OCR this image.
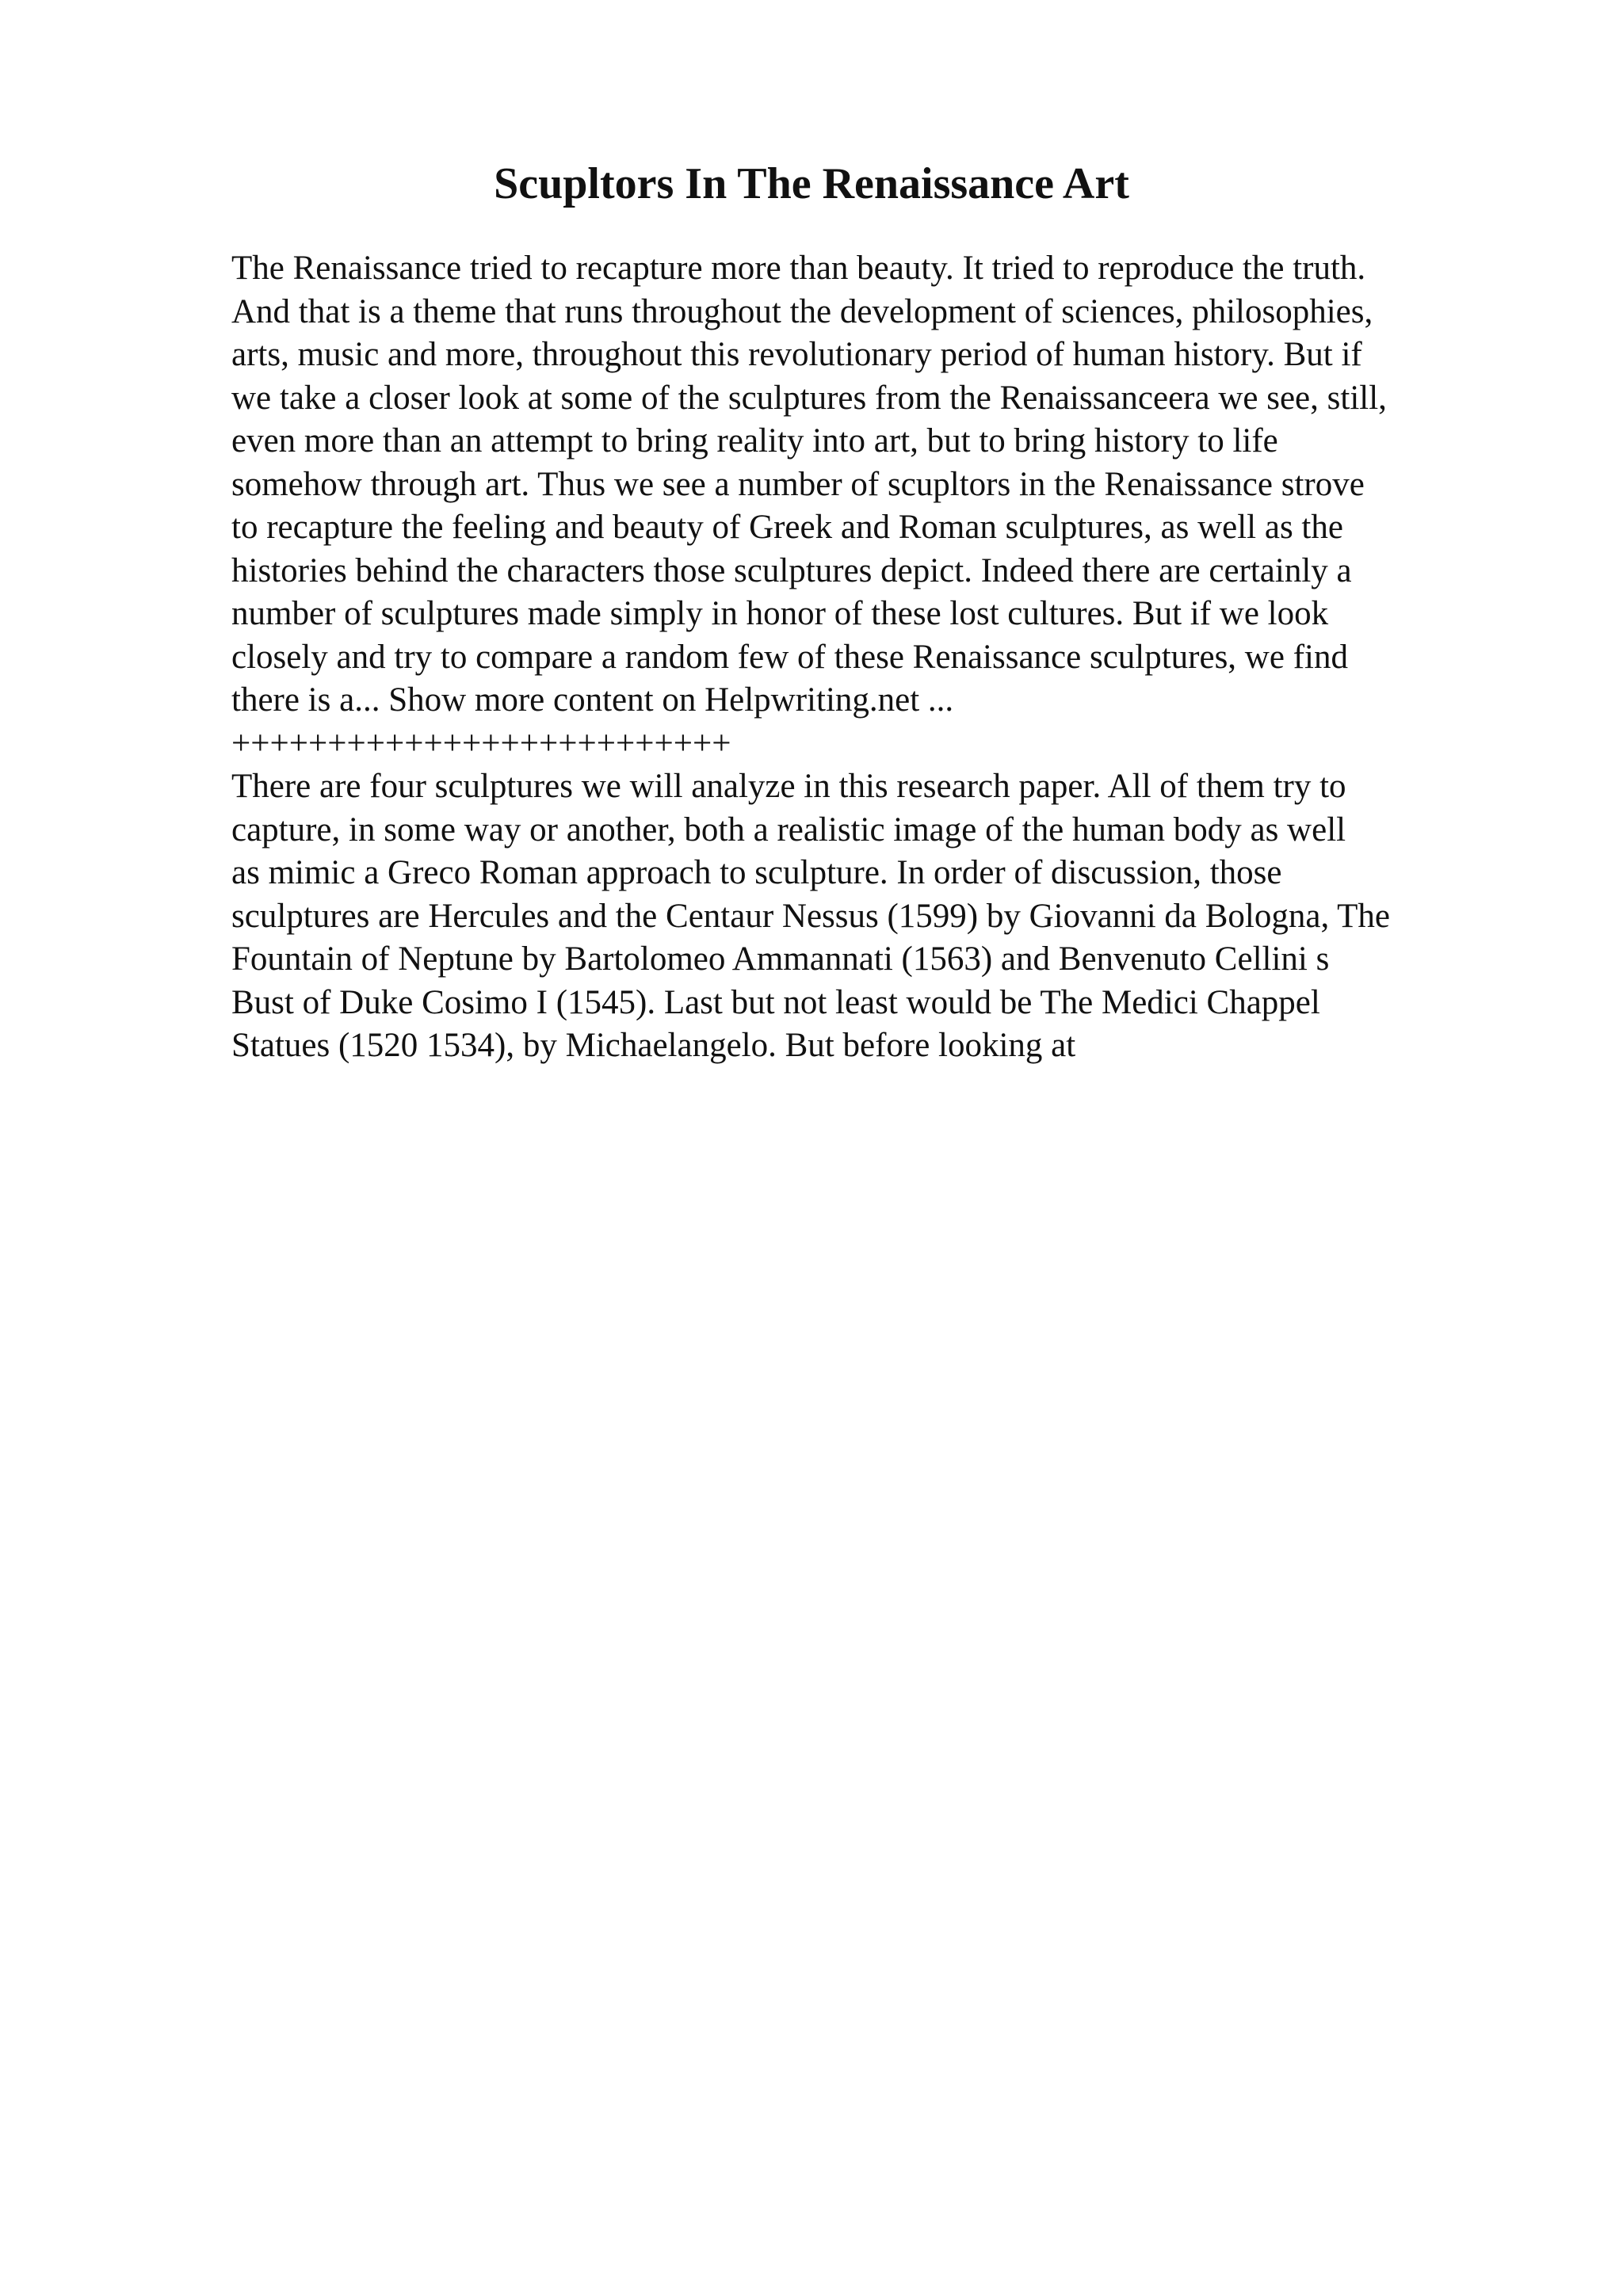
Scupltors In The Renaissance Art
The Renaissance tried to recapture more than beauty. It tried to reproduce the truth.
And that is a theme that runs throughout the development of sciences, philosophies,
arts, music and more, throughout this revolutionary period of human history. But if
we take a closer look at some of the sculptures from the Renaissanceera we see, still,
even more than an attempt to bring reality into art, but to bring history to life
somehow through art. Thus we see a number of scupltors in the Renaissance strove
to recapture the feeling and beauty of Greek and Roman sculptures, as well as the
histories behind the characters those sculptures depict. Indeed there are certainly a
number of sculptures made simply in honor of these lost cultures. But if we look
closely and try to compare a random few of these Renaissance sculptures, we find
there is a... Show more content on Helpwriting.net ...
++++++++++++++++++++++++++
There are four sculptures we will analyze in this research paper. All of them try to
capture, in some way or another, both a realistic image of the human body as well
as mimic a Greco Roman approach to sculpture. In order of discussion, those
sculptures are Hercules and the Centaur Nessus (1599) by Giovanni da Bologna, The
Fountain of Neptune by Bartolomeo Ammannati (1563) and Benvenuto Cellini s
Bust of Duke Cosimo I (1545). Last but not least would be The Medici Chappel
Statues (1520 1534), by Michaelangelo. But before looking at
